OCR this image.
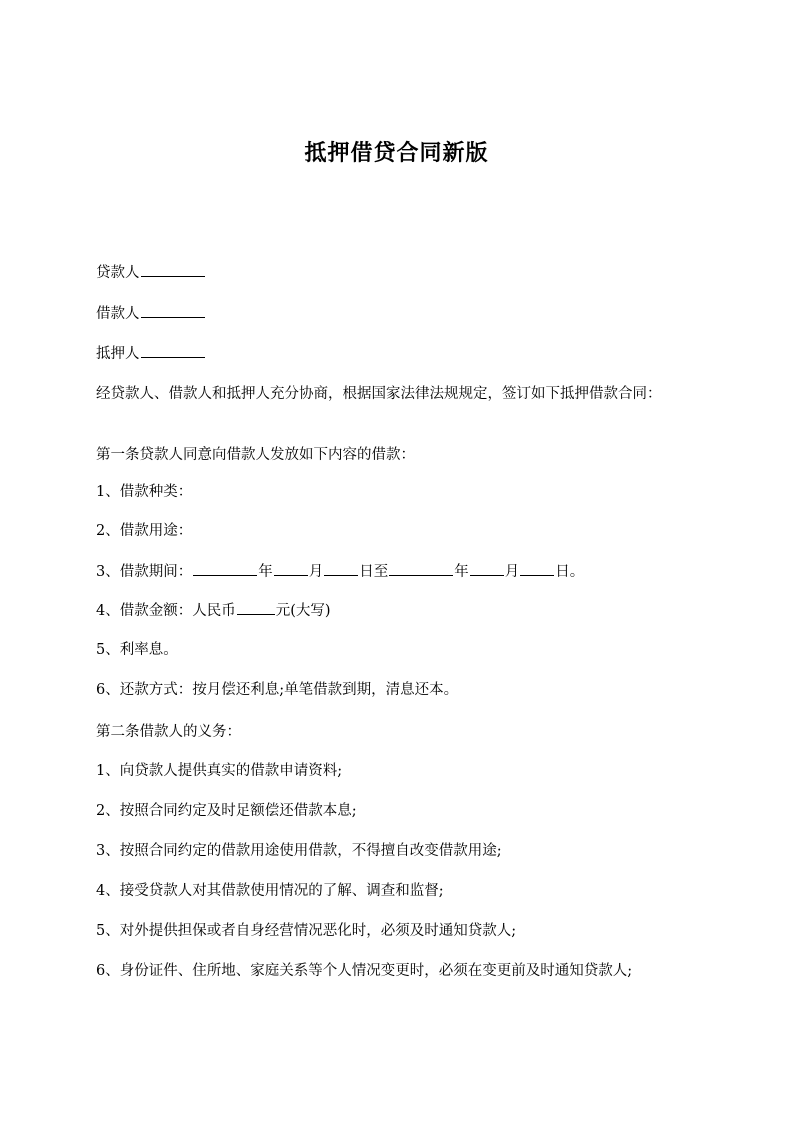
抵押借贷合同新版
贷款人
借款人
抵押人
经贷款人、借款人和抵押人充分协商，根据国家法律法规规定，签订如下抵押借款合同：
第一条贷款人同意向借款人发放如下内容的借款：
1、借款种类：
2、借款用途：
3、借款期间：	年 月 日至	年 月 日。
4、借款金额：人民币	元(大写)
5、利率息。
6、还款方式：按月偿还利息;单笔借款到期，清息还本。
第二条借款人的义务：
1、向贷款人提供真实的借款申请资料;
2、按照合同约定及时足额偿还借款本息;
3、按照合同约定的借款用途使用借款，不得擅自改变借款用途;
4、接受贷款人对其借款使用情况的了解、调查和监督;
5、对外提供担保或者自身经营情况恶化时，必须及时通知贷款人;
6、身份证件、住所地、家庭关系等个人情况变更时，必须在变更前及时通知贷款人;
